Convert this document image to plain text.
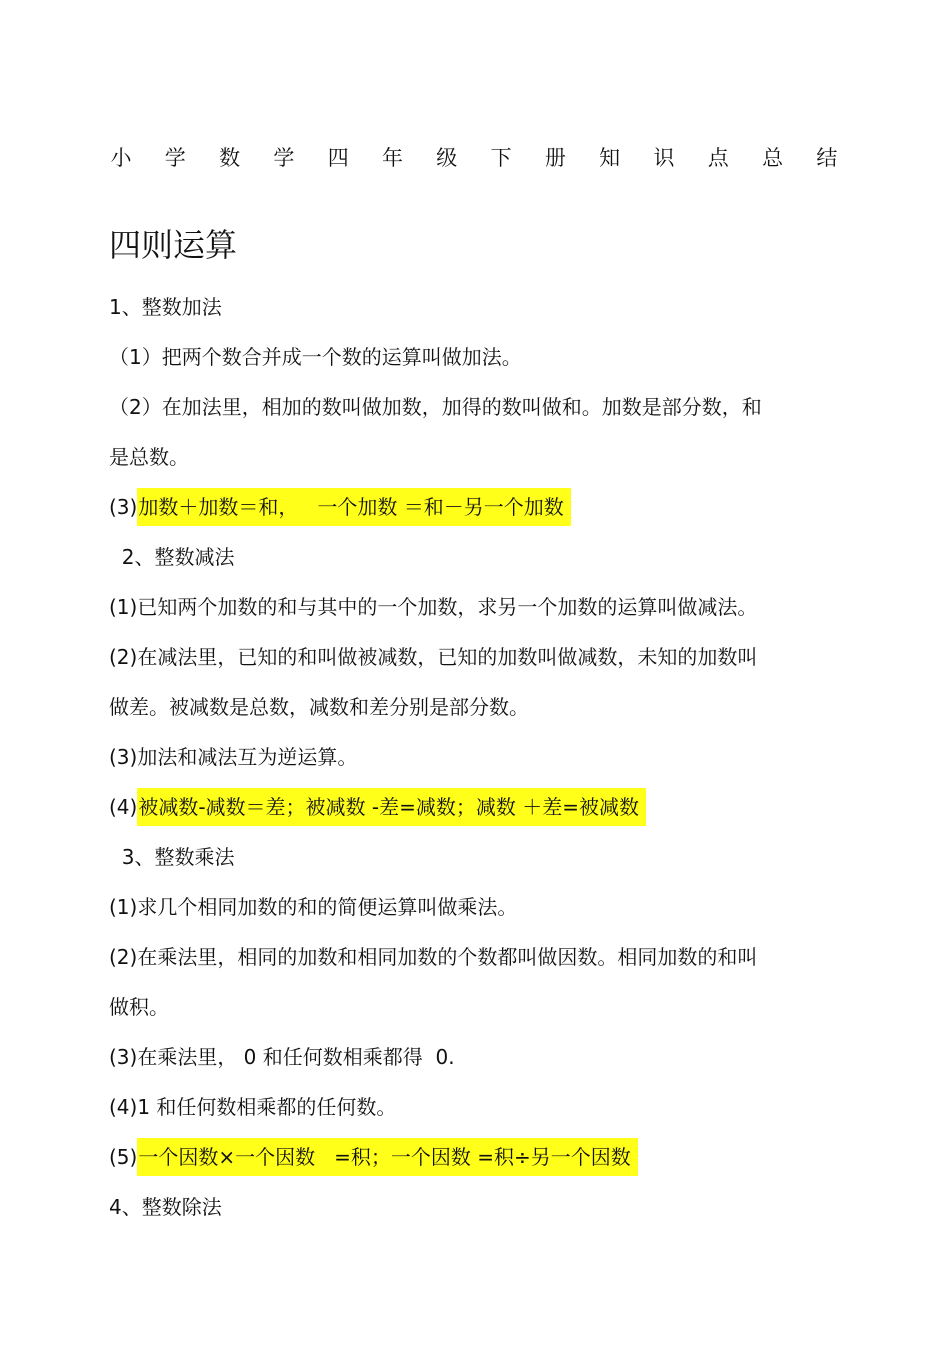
小 学 数 学 四 年 级 下 册 知 识 点 总 结
四则运算
1、整数加法
（1）把两个数合并成一个数的运算叫做加法。
（2）在加法里，相加的数叫做加数，加得的数叫做和。加数是部分数，和
是总数。
(3)加数＋加数＝和，   一个加数 ＝和－另一个加数
2、整数减法
(1)已知两个加数的和与其中的一个加数，求另一个加数的运算叫做减法。
(2)在减法里，已知的和叫做被减数，已知的加数叫做减数，未知的加数叫
做差。被减数是总数，减数和差分别是部分数。
(3)加法和减法互为逆运算。
(4)被减数-减数＝差；被减数 -差=减数；减数 ＋差=被减数
3、整数乘法
(1)求几个相同加数的和的简便运算叫做乘法。
(2)在乘法里，相同的加数和相同加数的个数都叫做因数。相同加数的和叫
做积。
(3)在乘法里， 0 和任何数相乘都得  0.
(4)1 和任何数相乘都的任何数。
(5)一个因数×一个因数   =积；一个因数 =积÷另一个因数
4、整数除法
